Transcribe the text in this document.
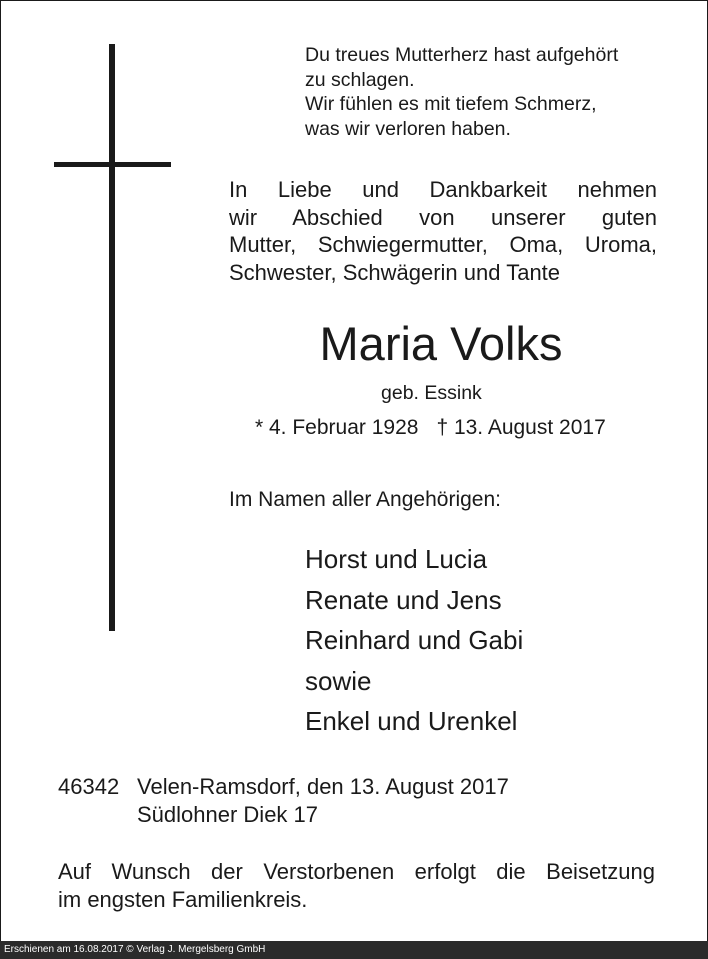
Du treues Mutterherz hast aufgehört
zu schlagen.
Wir fühlen es mit tiefem Schmerz,
was wir verloren haben.
In Liebe und Dankbarkeit nehmen
wir Abschied von unserer guten
Mutter, Schwiegermutter, Oma, Uroma,
Schwester, Schwägerin und Tante
Maria Volks
geb. Essink
* 4. Februar 1928 † 13. August 2017
Im Namen aller Angehörigen:
Horst und Lucia
Renate und Jens
Reinhard und Gabi
sowie
Enkel und Urenkel
46342 Velen-Ramsdorf, den 13. August 2017
Südlohner Diek 17
Auf Wunsch der Verstorbenen erfolgt die Beisetzung
im engsten Familienkreis.
Erschienen am 16.08.2017 © Verlag J. Mergelsberg GmbH
